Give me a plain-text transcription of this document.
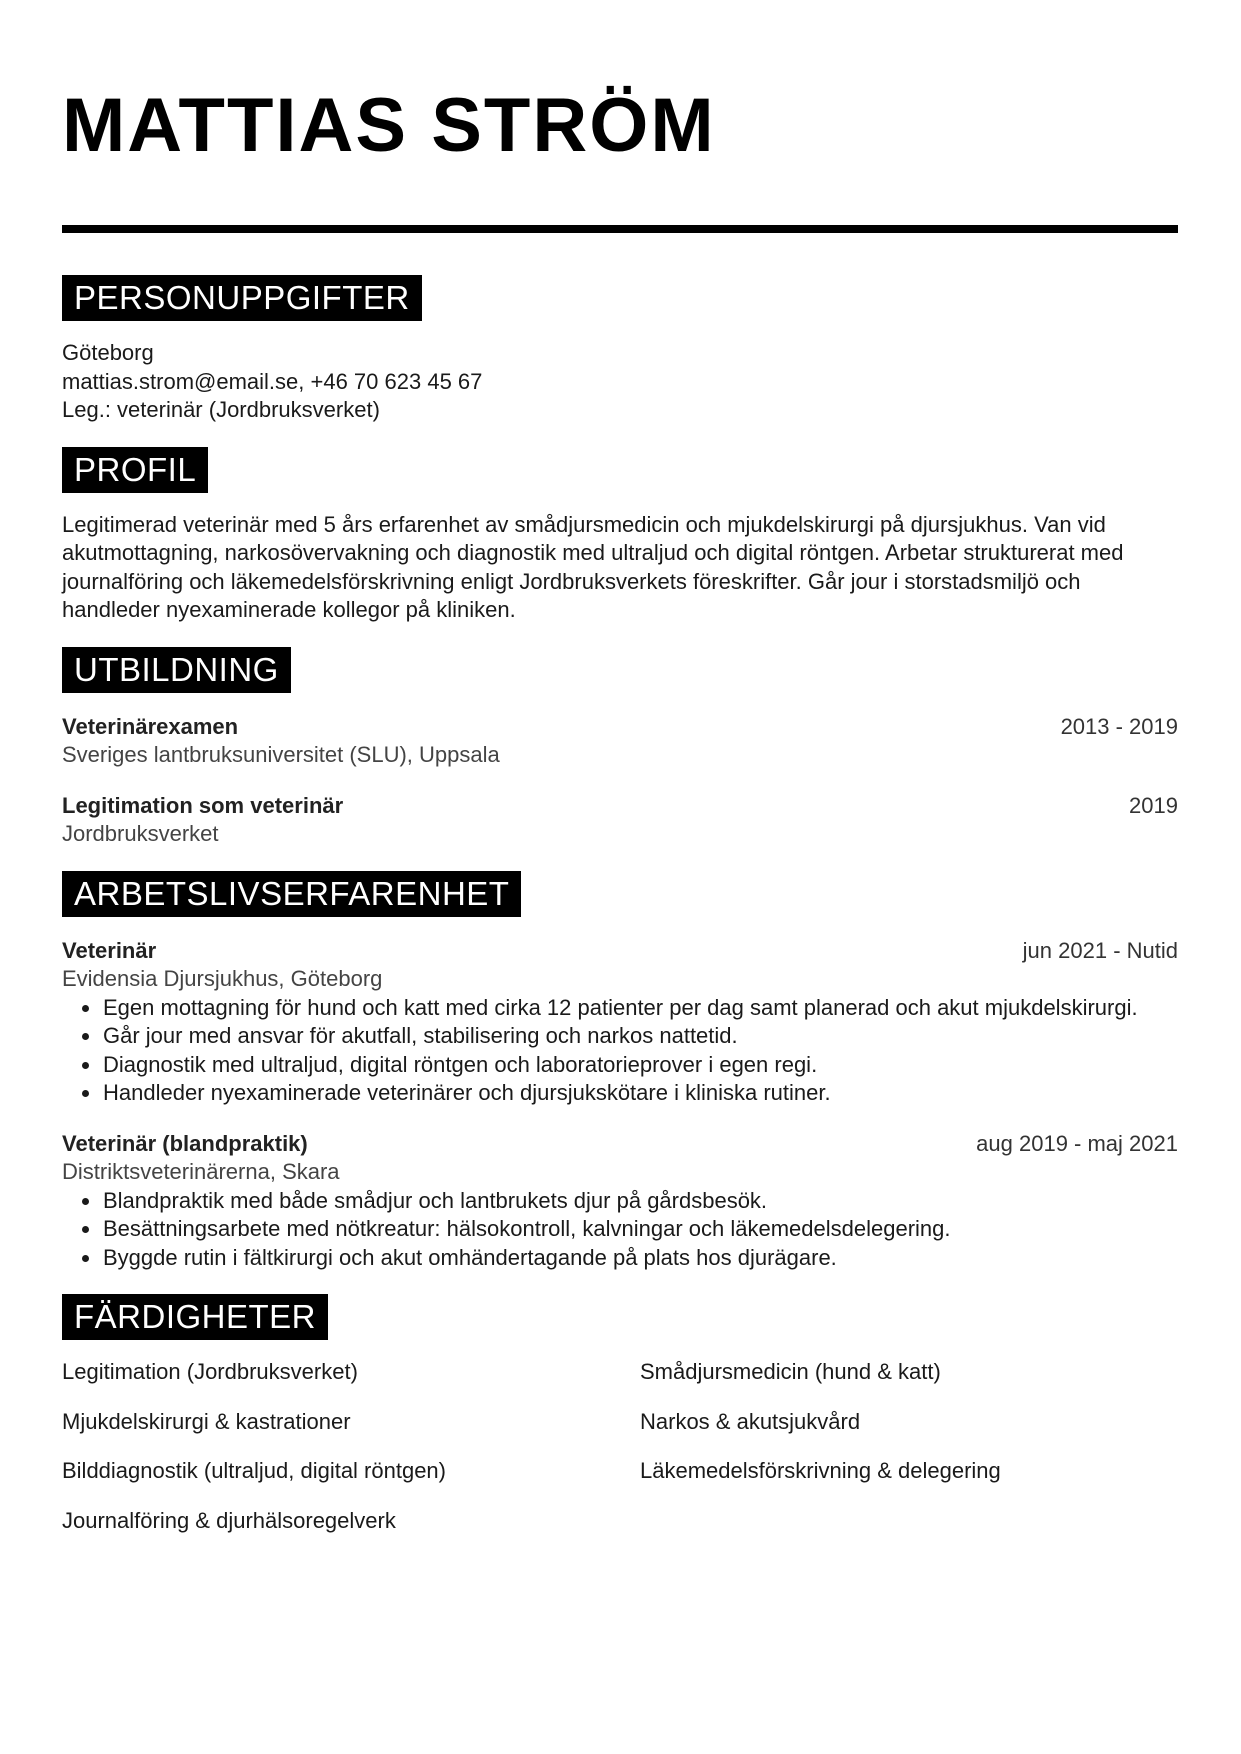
MATTIAS STRÖM
PERSONUPPGIFTER
Göteborg
mattias.strom@email.se, +46 70 623 45 67
Leg.: veterinär (Jordbruksverket)
PROFIL
Legitimerad veterinär med 5 års erfarenhet av smådjursmedicin och mjukdelskirurgi på djursjukhus. Van vid akutmottagning, narkosövervakning och diagnostik med ultraljud och digital röntgen. Arbetar strukturerat med journalföring och läkemedelsförskrivning enligt Jordbruksverkets föreskrifter. Går jour i storstadsmiljö och handleder nyexaminerade kollegor på kliniken.
UTBILDNING
Veterinärexamen	2013 - 2019
Sveriges lantbruksuniversitet (SLU), Uppsala
Legitimation som veterinär	2019
Jordbruksverket
ARBETSLIVSERFARENHET
Veterinär	jun 2021 - Nutid
Evidensia Djursjukhus, Göteborg
• Egen mottagning för hund och katt med cirka 12 patienter per dag samt planerad och akut mjukdelskirurgi.
• Går jour med ansvar för akutfall, stabilisering och narkos nattetid.
• Diagnostik med ultraljud, digital röntgen och laboratorieprover i egen regi.
• Handleder nyexaminerade veterinärer och djursjukskötare i kliniska rutiner.
Veterinär (blandpraktik)	aug 2019 - maj 2021
Distriktsveterinärerna, Skara
• Blandpraktik med både smådjur och lantbrukets djur på gårdsbesök.
• Besättningsarbete med nötkreatur: hälsokontroll, kalvningar och läkemedelsdelegering.
• Byggde rutin i fältkirurgi och akut omhändertagande på plats hos djurägare.
FÄRDIGHETER
Legitimation (Jordbruksverket)	Smådjursmedicin (hund & katt)
Mjukdelskirurgi & kastrationer	Narkos & akutsjukvård
Bilddiagnostik (ultraljud, digital röntgen)	Läkemedelsförskrivning & delegering
Journalföring & djurhälsoregelverk
